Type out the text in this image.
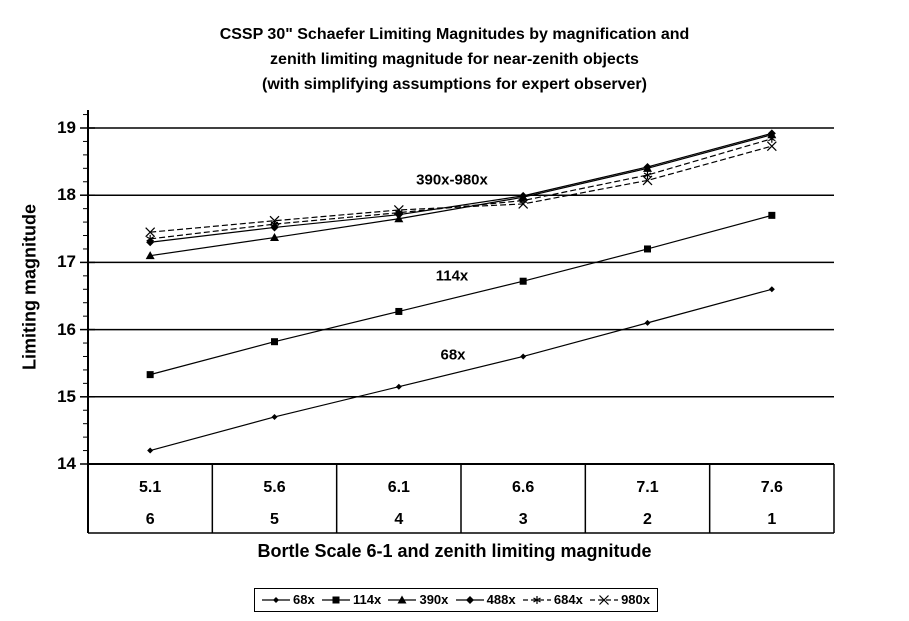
CSSP 30" Schaefer Limiting Magnitudes by magnification and
zenith limiting magnitude for near-zenith objects
(with simplifying assumptions for expert observer)
Limiting magnitude
14
15
16
17
18
19
5.1	5.6	6.1	6.6	7.1	7.6
6	5	4	3	2	1
390x-980x
114x
68x
Bortle Scale 6-1 and zenith limiting magnitude
68x	114x	390x	488x	684x	980x
